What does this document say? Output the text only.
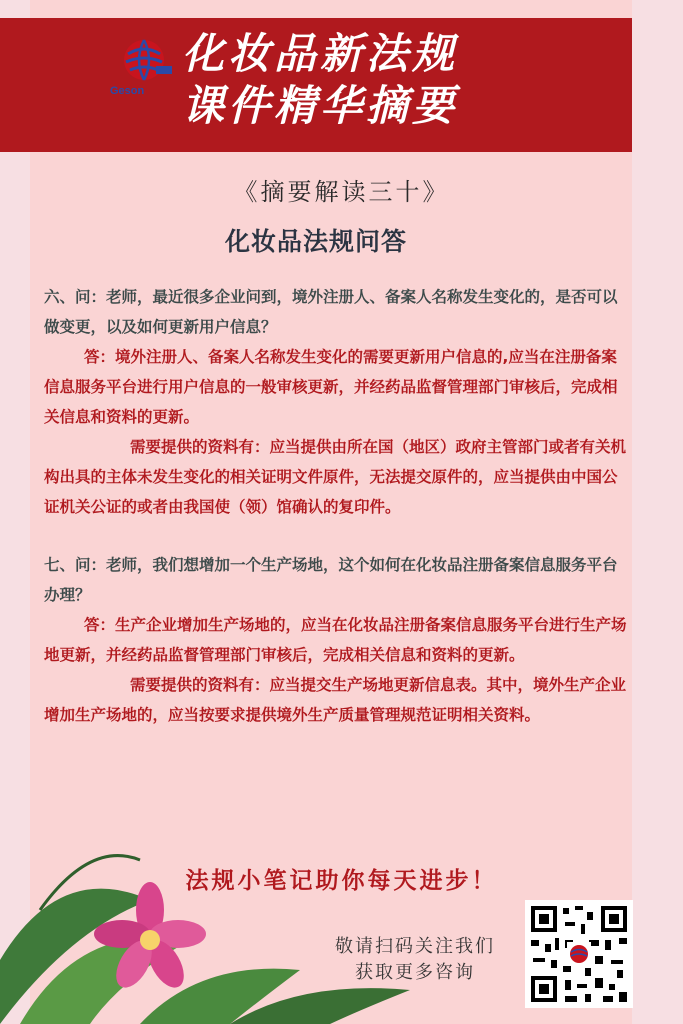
Geson
化妆品新法规
课件精华摘要
《摘要解读三十》
化妆品法规问答

六、问：老师，最近很多企业问到，境外注册人、备案人名称发生变化的，是否可以做变更，以及如何更新用户信息？

答：境外注册人、备案人名称发生变化的需要更新用户信息的,应当在注册备案信息服务平台进行用户信息的一般审核更新，并经药品监督管理部门审核后，完成相关信息和资料的更新。

需要提供的资料有：应当提供由所在国（地区）政府主管部门或者有关机构出具的主体未发生变化的相关证明文件原件，无法提交原件的，应当提供由中国公证机关公证的或者由我国使（领）馆确认的复印件。

七、问：老师，我们想增加一个生产场地，这个如何在化妆品注册备案信息服务平台办理？

答：生产企业增加生产场地的，应当在化妆品注册备案信息服务平台进行生产场地更新，并经药品监督管理部门审核后，完成相关信息和资料的更新。

需要提供的资料有：应当提交生产场地更新信息表。其中，境外生产企业增加生产场地的，应当按要求提供境外生产质量管理规范证明相关资料。

法规小笔记助你每天进步！
敬请扫码关注我们
获取更多咨询
